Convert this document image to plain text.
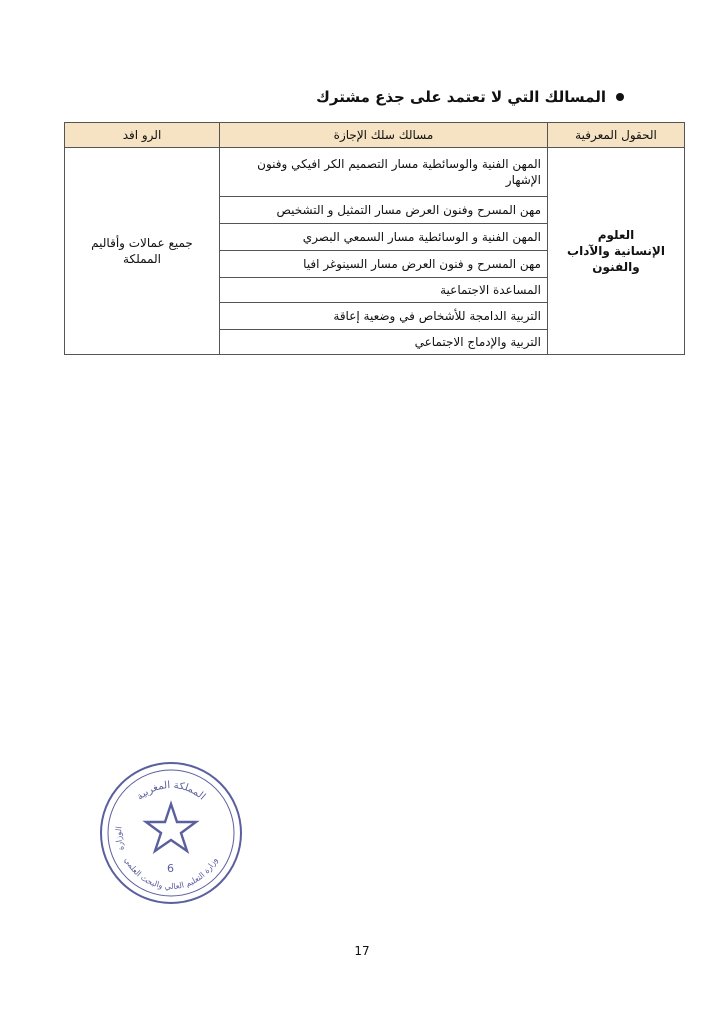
المسالك التي لا تعتمد على جذع مشترك
الحقول المعرفية	مسالك سلك الإجازة	الرو افد

العلوم
الإنسانية والآداب
والفنون	المهن الفنية والوسائطية مسار التصميم الكر افيكي وفنون الإشهار	جميع عمالات وأقاليم المملكة
	مهن المسرح وفنون العرض مسار التمثيل و التشخيص	
	المهن الفنية و الوسائطية مسار السمعي البصري	
	مهن المسرح و فنون العرض مسار السينوغر افيا	
	المساعدة الاجتماعية	
	التربية الدامجة للأشخاص في وضعية إعاقة	
	التربية والإدماج الاجتماعي	
المملكة المغربية
وزارة التعليم العالي والبحث العلمي
الوزارة
6
17
